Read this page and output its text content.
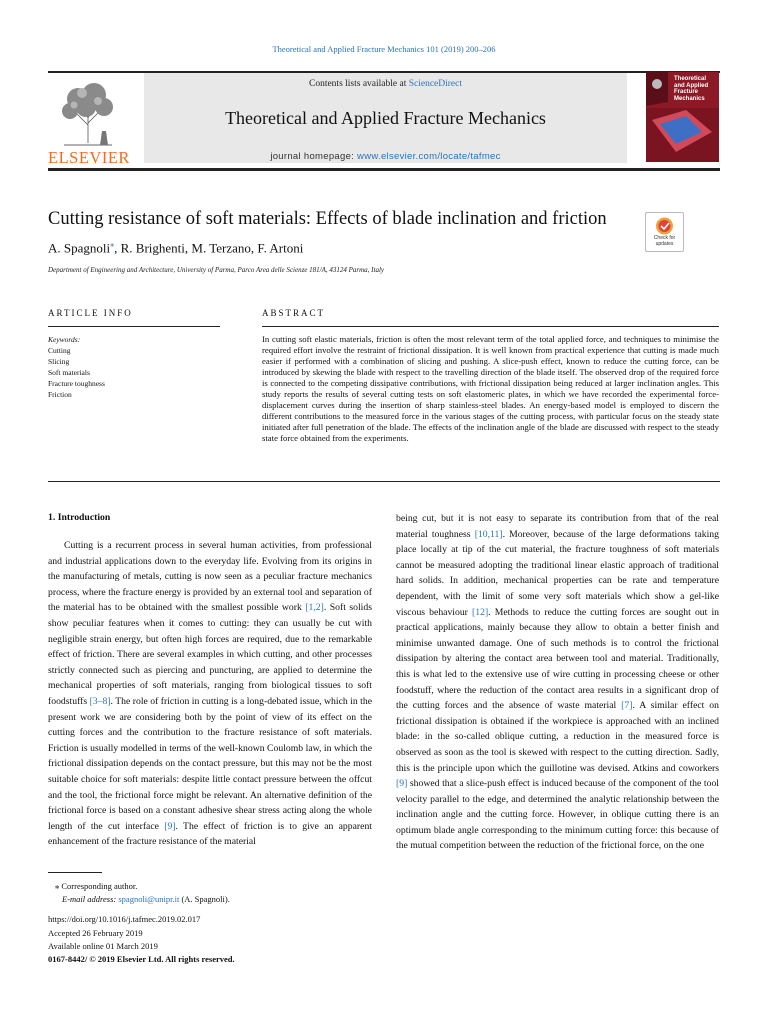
Theoretical and Applied Fracture Mechanics 101 (2019) 200–206
ELSEVIER
Contents lists available at ScienceDirect
Theoretical and Applied Fracture Mechanics
journal homepage: www.elsevier.com/locate/tafmec
Theoretical and Applied Fracture Mechanics
Cutting resistance of soft materials: Effects of blade inclination and friction
A. Spagnoli⁎, R. Brighenti, M. Terzano, F. Artoni
Department of Engineering and Architecture, University of Parma, Parco Area delle Scienze 181/A, 43124 Parma, Italy
Check for updates
ARTICLE INFO
Keywords:
Cutting
Slicing
Soft materials
Fracture toughness
Friction
ABSTRACT
In cutting soft elastic materials, friction is often the most relevant term of the total applied force, and techniques to minimise the required effort involve the restraint of frictional dissipation. It is well known from practical experience that cutting is made much easier if performed with a combination of slicing and pushing. A slice-push effect, known to reduce the cutting force, can be introduced by skewing the blade with respect to the travelling direction of the blade itself. The observed drop of the required force is connected to the competing dissipative contributions, with frictional dissipation being reduced at larger inclination angles. This study reports the results of several cutting tests on soft elastomeric plates, in which we have recorded the experimental force-displacement curves during the insertion of sharp stainless-steel blades. An energy-based model is employed to discern the different contributions to the measured force in the various stages of the cutting process, with particular focus on the steady state initiated after full penetration of the blade. The effects of the inclination angle of the blade are discussed with respect to the steady state force obtained from the experiments.
1. Introduction

Cutting is a recurrent process in several human activities, from professional and industrial applications down to the everyday life. Evolving from its origins in the manufacturing of metals, cutting is now seen as a peculiar fracture mechanics process, where the fracture energy is provided by an external tool and separation of the material has to be obtained with the smallest possible work [1,2]. Soft solids show peculiar features when it comes to cutting: they can usually be cut with negligible strain energy, but often high forces are required, due to the remarkable effect of friction. There are several examples in which cutting, and other processes strictly connected such as piercing and puncturing, are applied to determine the mechanical properties of soft materials, ranging from biological tissues to soft foodstuffs [3–8]. The role of friction in cutting is a long-debated issue, which in the present work we are considering both by the point of view of its effect on the cutting forces and the contribution to the fracture resistance of soft materials. Friction is usually modelled in terms of the well-known Coulomb law, in which the frictional dissipation depends on the contact pressure, but this may not be the most suitable choice for soft materials: despite little contact pressure between the offcut and the tool, the frictional force might be relevant. An alternative definition of the frictional force is based on a constant adhesive shear stress acting along the whole length of the cut interface [9]. The effect of friction is to give an apparent enhancement of the fracture resistance of the material

being cut, but it is not easy to separate its contribution from that of the real material toughness [10,11]. Moreover, because of the large deformations taking place locally at tip of the cut material, the fracture toughness of soft materials cannot be measured adopting the traditional linear elastic approach of traditional hard solids. In addition, mechanical properties can be rate and temperature dependent, with the limit of some very soft materials which show a gel-like viscous behaviour [12]. Methods to reduce the cutting forces are sought out in practical applications, mainly because they allow to obtain a better finish and minimise unwanted damage. One of such methods is to control the frictional dissipation by altering the contact area between tool and material. Traditionally, this is what led to the extensive use of wire cutting in processing cheese or other foodstuff, where the reduction of the contact area results in a significant drop of the cutting forces and the absence of waste material [7]. A similar effect on frictional dissipation is obtained if the workpiece is approached with an inclined blade: in the so-called oblique cutting, a reduction in the measured force is observed as soon as the tool is skewed with respect to the cutting direction. Sadly, this is the principle upon which the guillotine was devised. Atkins and coworkers [9] showed that a slice-push effect is induced because of the component of the tool velocity parallel to the edge, and determined the analytic relationship between the inclination angle and the cutting force. However, in oblique cutting there is an optimum blade angle corresponding to the minimum cutting force: this because of the mutual competition between the reduction of the frictional force, on the one

⁎ Corresponding author.
E-mail address: spagnoli@unipr.it (A. Spagnoli).
https://doi.org/10.1016/j.tafmec.2019.02.017
Accepted 26 February 2019
Available online 01 March 2019
0167-8442/ © 2019 Elsevier Ltd. All rights reserved.
